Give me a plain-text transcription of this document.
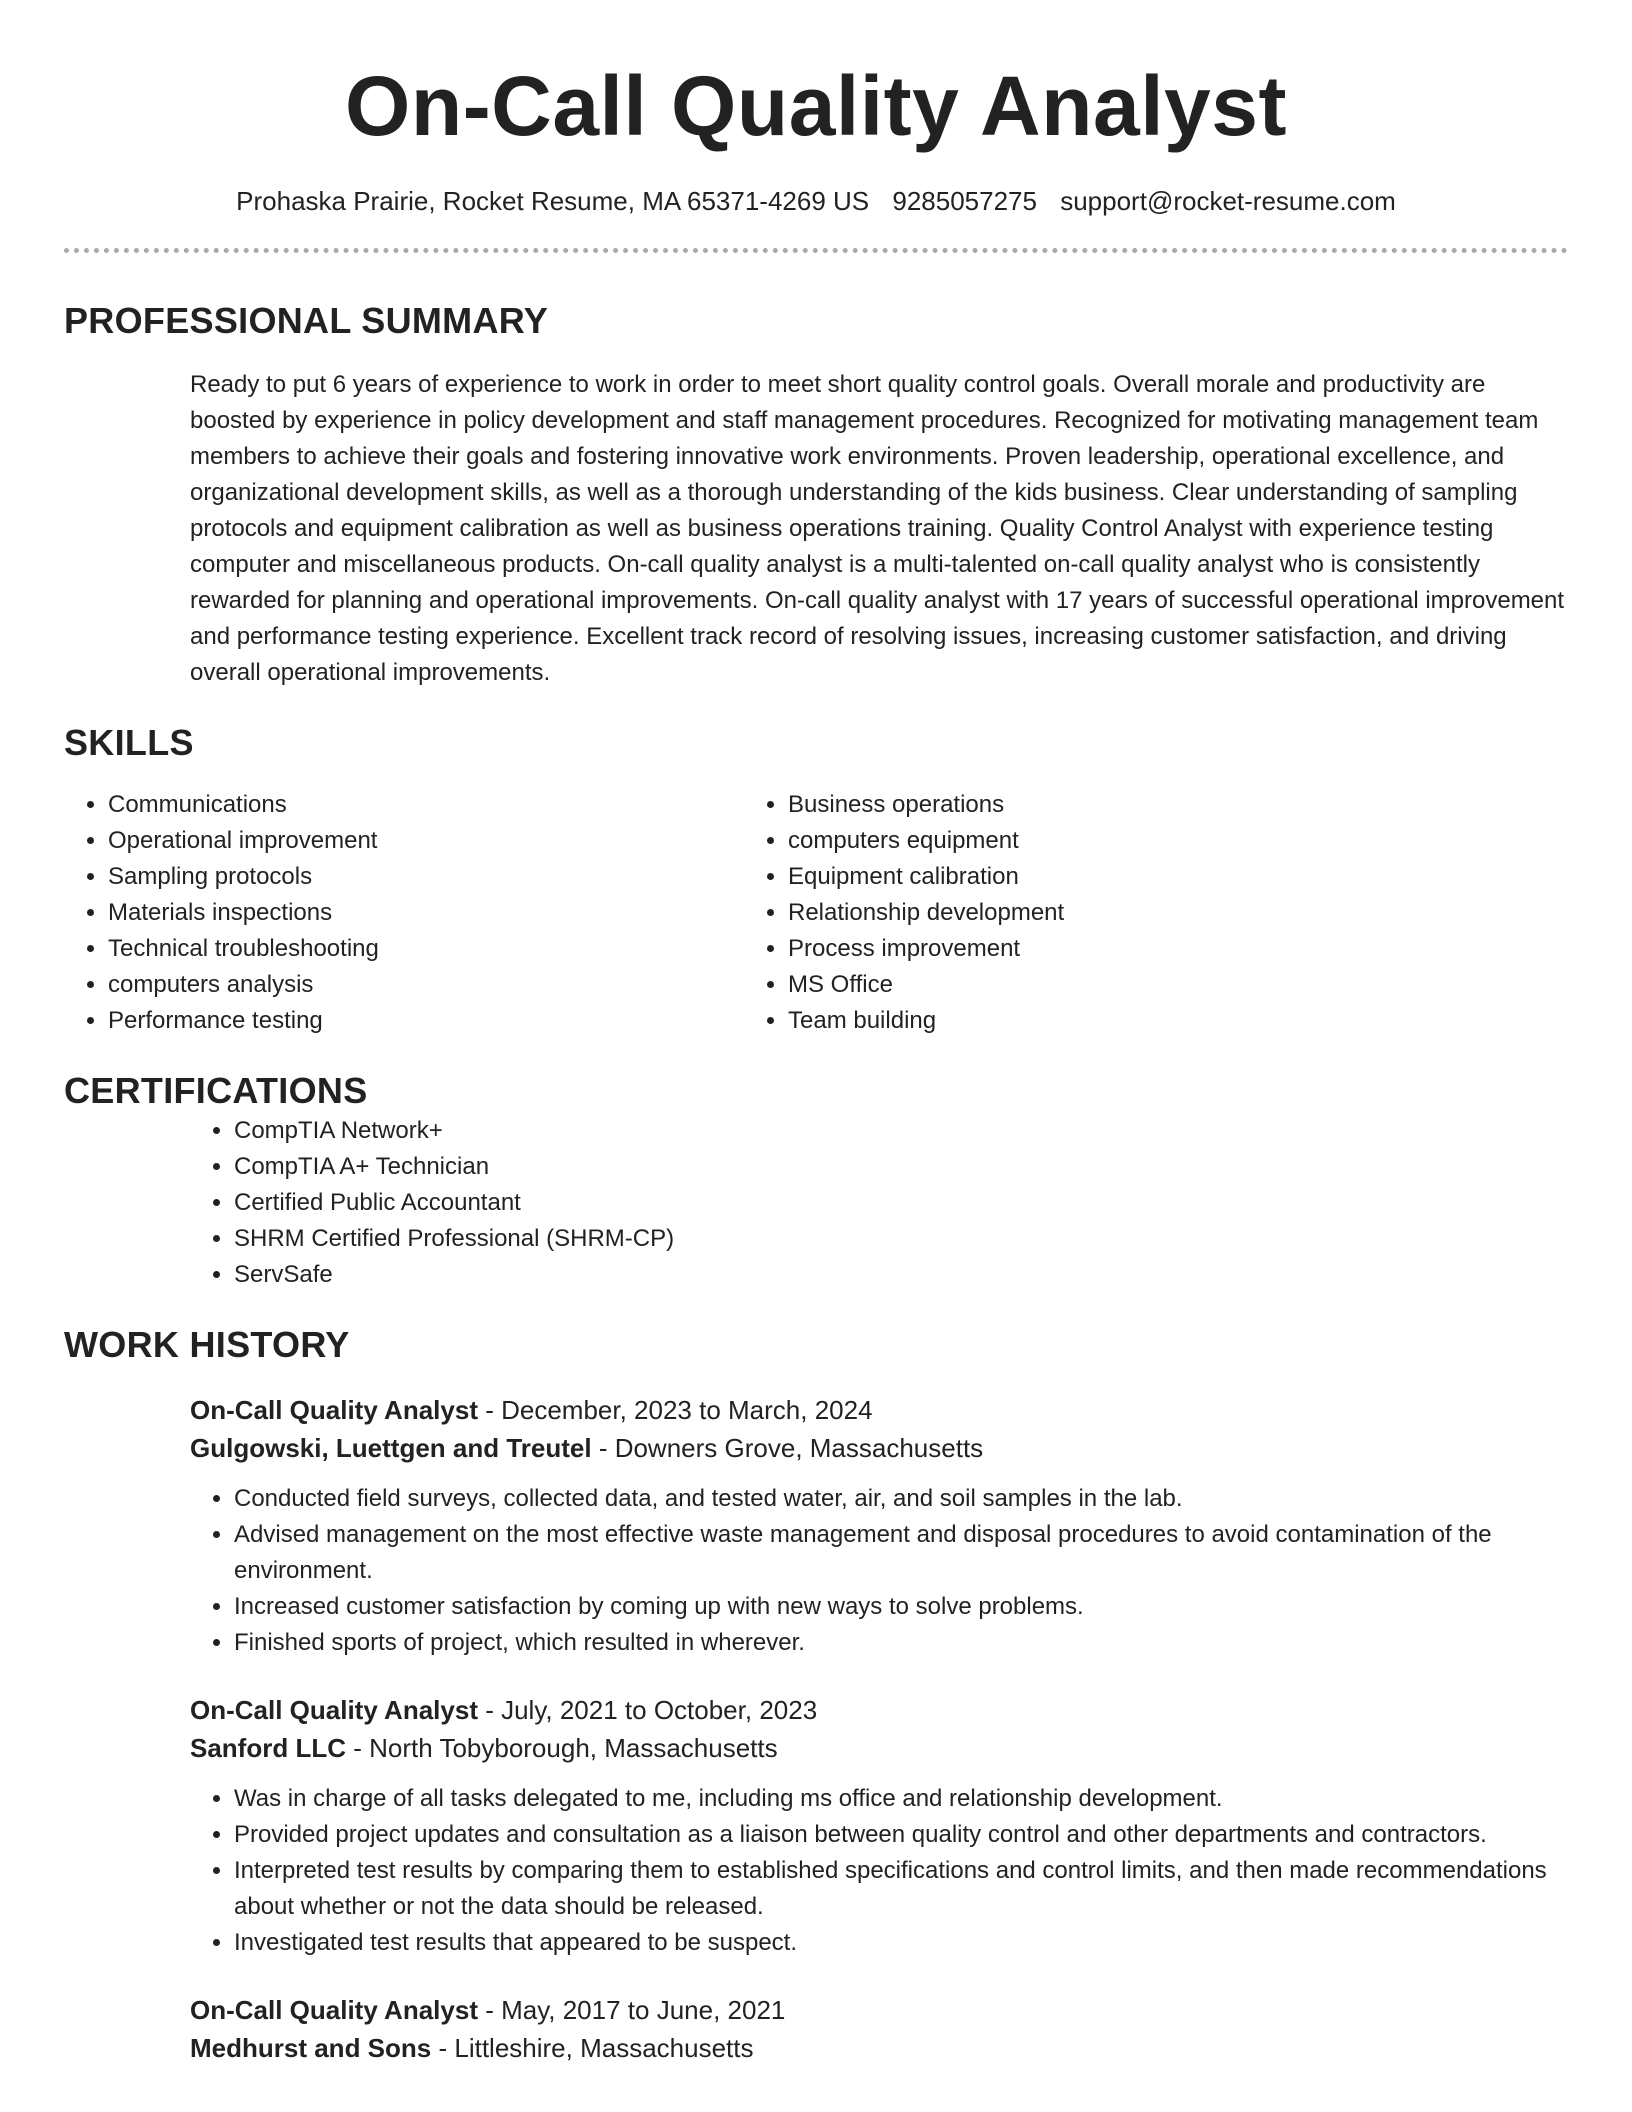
On-Call Quality Analyst
Prohaska Prairie, Rocket Resume, MA 65371-4269 US 9285057275 support@rocket-resume.com
PROFESSIONAL SUMMARY

Ready to put 6 years of experience to work in order to meet short quality control goals. Overall morale and productivity are boosted by experience in policy development and staff management procedures. Recognized for motivating management team members to achieve their goals and fostering innovative work environments. Proven leadership, operational excellence, and organizational development skills, as well as a thorough understanding of the kids business. Clear understanding of sampling protocols and equipment calibration as well as business operations training. Quality Control Analyst with experience testing computer and miscellaneous products. On-call quality analyst is a multi-talented on-call quality analyst who is consistently rewarded for planning and operational improvements. On-call quality analyst with 17 years of successful operational improvement and performance testing experience. Excellent track record of resolving issues, increasing customer satisfaction, and driving overall operational improvements.

SKILLS
• Communications
• Operational improvement
• Sampling protocols
• Materials inspections
• Technical troubleshooting
• computers analysis
• Performance testing
• Business operations
• computers equipment
• Equipment calibration
• Relationship development
• Process improvement
• MS Office
• Team building
CERTIFICATIONS
• CompTIA Network+
• CompTIA A+ Technician
• Certified Public Accountant
• SHRM Certified Professional (SHRM-CP)
• ServSafe
WORK HISTORY
On-Call Quality Analyst - December, 2023 to March, 2024
Gulgowski, Luettgen and Treutel - Downers Grove, Massachusetts
• Conducted field surveys, collected data, and tested water, air, and soil samples in the lab.
• Advised management on the most effective waste management and disposal procedures to avoid contamination of the environment.
• Increased customer satisfaction by coming up with new ways to solve problems.
• Finished sports of project, which resulted in wherever.
On-Call Quality Analyst - July, 2021 to October, 2023
Sanford LLC - North Tobyborough, Massachusetts
• Was in charge of all tasks delegated to me, including ms office and relationship development.
• Provided project updates and consultation as a liaison between quality control and other departments and contractors.
• Interpreted test results by comparing them to established specifications and control limits, and then made recommendations about whether or not the data should be released.
• Investigated test results that appeared to be suspect.
On-Call Quality Analyst - May, 2017 to June, 2021
Medhurst and Sons - Littleshire, Massachusetts
